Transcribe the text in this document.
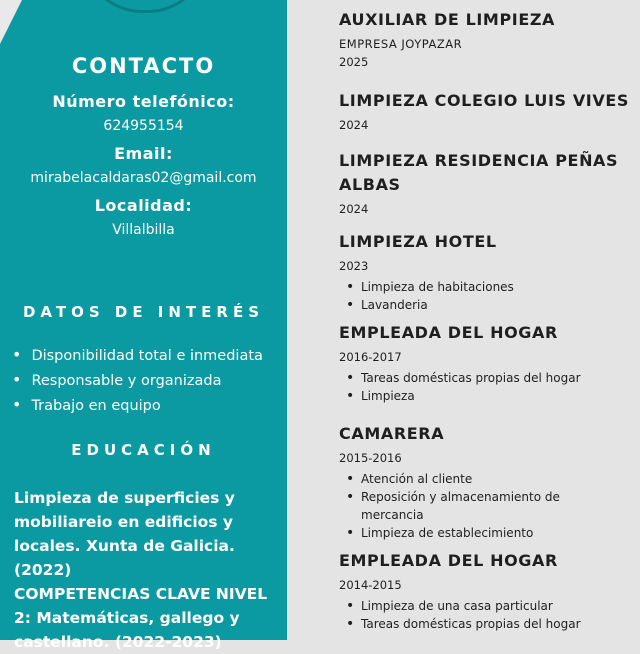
CONTACTO
Número telefónico:
624955154
Email:
mirabelacaldaras02@gmail.com
Localidad:
Villalbilla
DATOS DE INTERÉS
• Disponibilidad total e inmediata
• Responsable y organizada
• Trabajo en equipo
EDUCACIÓN
Limpieza de superficies y
mobiliareio en edificios y
locales. Xunta de Galicia.
(2022)
COMPETENCIAS CLAVE NIVEL
2: Matemáticas, gallego y
castellano. (2022-2023)
AUXILIAR DE LIMPIEZA
EMPRESA JOYPAZAR
2025
LIMPIEZA COLEGIO LUIS VIVES
2024
LIMPIEZA RESIDENCIA PEÑAS ALBAS
2024
LIMPIEZA HOTEL
2023
• Limpieza de habitaciones
• Lavanderia
EMPLEADA DEL HOGAR
2016-2017
• Tareas domésticas propias del hogar
• Limpieza
CAMARERA
2015-2016
• Atención al cliente
• Reposición y almacenamiento de mercancia
• Limpieza de establecimiento
EMPLEADA DEL HOGAR
2014-2015
• Limpieza de una casa particular
• Tareas domésticas propias del hogar
